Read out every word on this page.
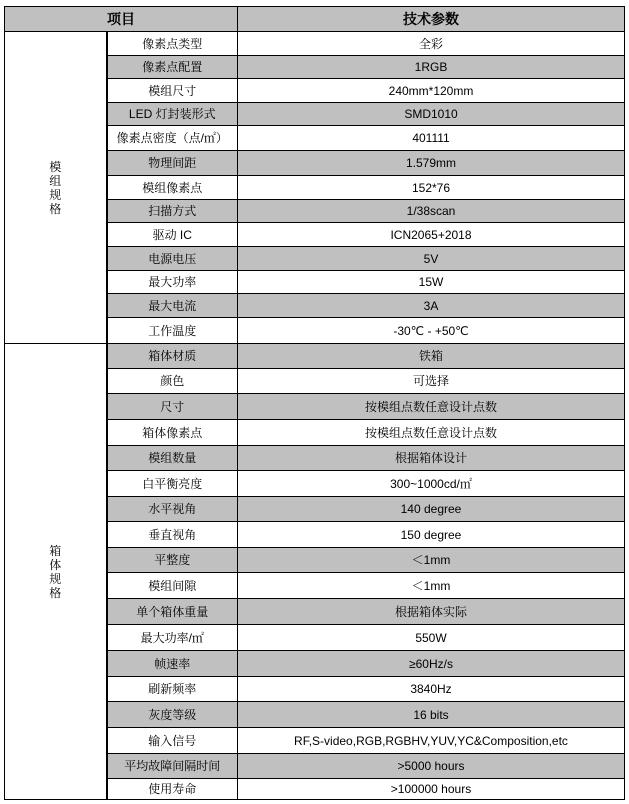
项目		技术参数
模组规格	像素点类型	全彩
	像素点配置	1RGB
	模组尺寸	240mm*120mm
	LED 灯封装形式	SMD1010
	像素点密度（点/㎡）	401111
	物理间距	1.579mm
	模组像素点	152*76
	扫描方式	1/38scan
	驱动 IC	ICN2065+2018
	电源电压	5V
	最大功率	15W
	最大电流	3A
	工作温度	-30℃ - +50℃
箱体规格	箱体材质	铁箱
	颜色	可选择
	尺寸	按模组点数任意设计点数
	箱体像素点	按模组点数任意设计点数
	模组数量	根据箱体设计
	白平衡亮度	300~1000cd/㎡
	水平视角	140 degree
	垂直视角	150 degree
	平整度	＜1mm
	模组间隙	＜1mm
	单个箱体重量	根据箱体实际
	最大功率/㎡	550W
	帧速率	≥60Hz/s
	刷新频率	3840Hz
	灰度等级	16 bits
	输入信号	RF,S-video,RGB,RGBHV,YUV,YC&Composition,etc
	平均故障间隔时间	>5000 hours
	使用寿命	>100000 hours
